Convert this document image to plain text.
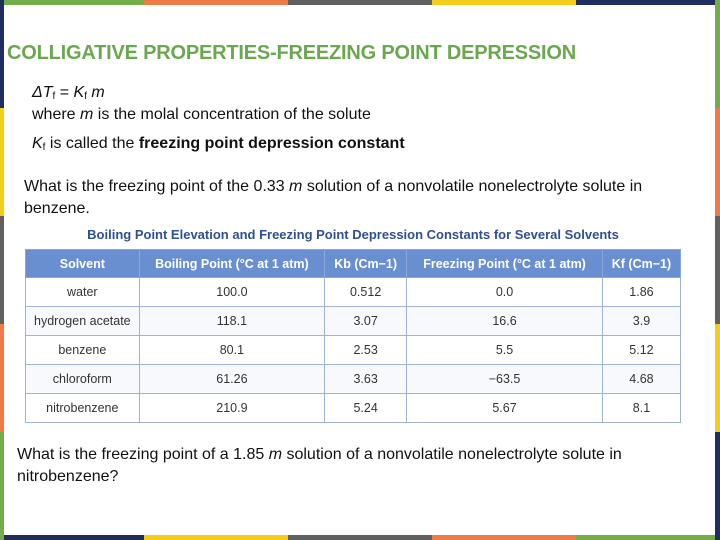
COLLIGATIVE PROPERTIES-FREEZING POINT DEPRESSION
$\Delta T_f = K_f$ m
where m is the molal concentration of the solute
$K_f$ is called the freezing point depression constant
What is the freezing point of the 0.33 m solution of a nonvolatile nonelectrolyte solute in benzene.
Boiling Point Elevation and Freezing Point Depression Constants for Several Solvents
Solvent	Boiling Point (°C at 1 atm)	Kb (Cm−1)	Freezing Point (°C at 1 atm)	Kf (Cm−1)
water	100.0	0.512	0.0	1.86
hydrogen acetate	118.1	3.07	16.6	3.9
benzene	80.1	2.53	5.5	5.12
chloroform	61.26	3.63	−63.5	4.68
nitrobenzene	210.9	5.24	5.67	8.1
What is the freezing point of a 1.85 m solution of a nonvolatile nonelectrolyte solute in nitrobenzene?
